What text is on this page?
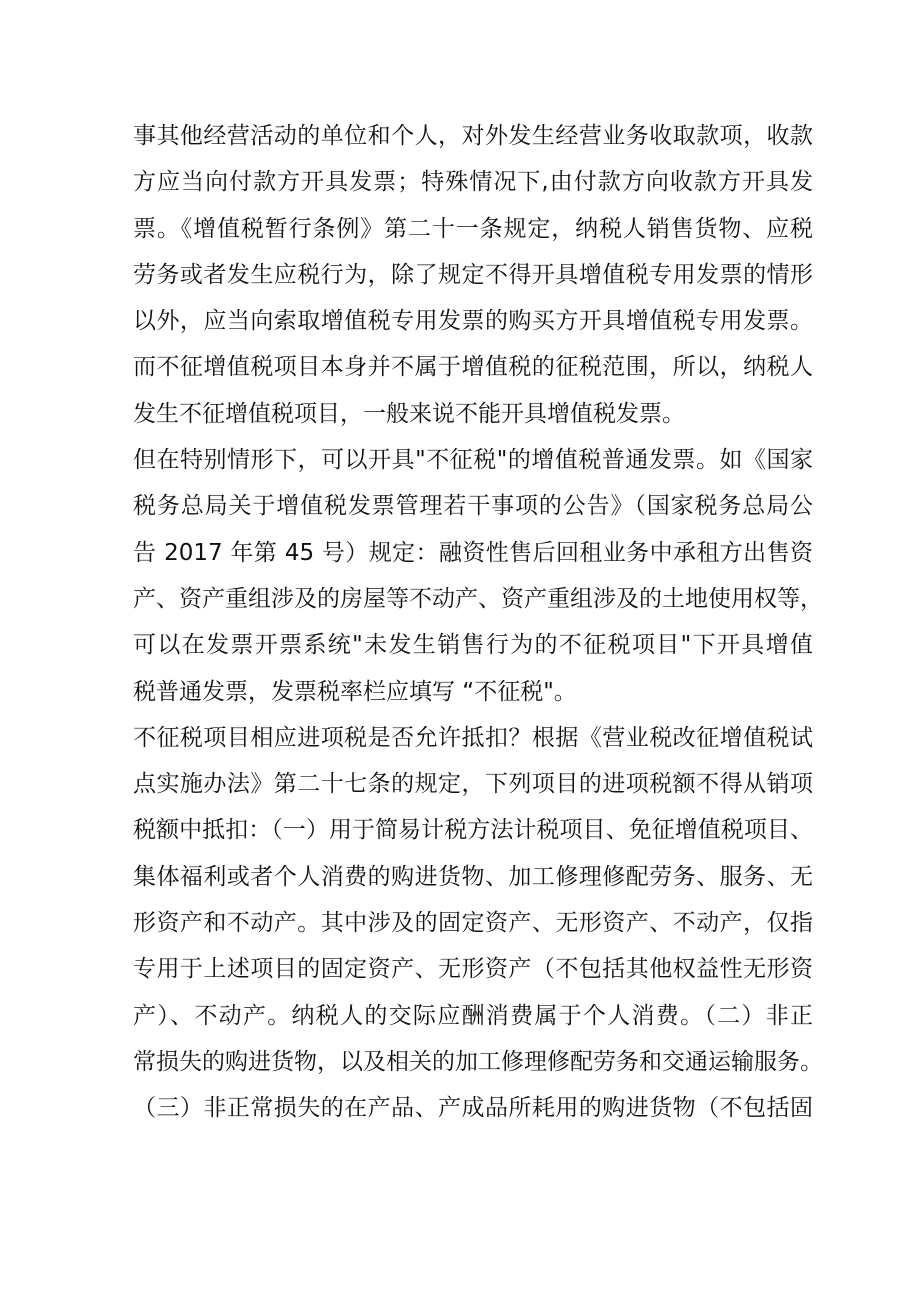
事其他经营活动的单位和个人，对外发生经营业务收取款项，收款
方应当向付款方开具发票；特殊情况下,由付款方向收款方开具发
票。《增值税暂行条例》第二十一条规定，纳税人销售货物、应税
劳务或者发生应税行为，除了规定不得开具增值税专用发票的情形
以外，应当向索取增值税专用发票的购买方开具增值税专用发票。
而不征增值税项目本身并不属于增值税的征税范围，所以，纳税人
发生不征增值税项目，一般来说不能开具增值税发票。
但在特别情形下，可以开具"不征税"的增值税普通发票。如《国家
税务总局关于增值税发票管理若干事项的公告》（国家税务总局公
告 2017 年第 45 号）规定：融资性售后回租业务中承租方出售资
产、资产重组涉及的房屋等不动产、资产重组涉及的土地使用权等，
可以在发票开票系统"未发生销售行为的不征税项目"下开具增值
税普通发票，发票税率栏应填写 “不征税"。
不征税项目相应进项税是否允许抵扣？根据《营业税改征增值税试
点实施办法》第二十七条的规定，下列项目的进项税额不得从销项
税额中抵扣：（一）用于简易计税方法计税项目、免征增值税项目、
集体福利或者个人消费的购进货物、加工修理修配劳务、服务、无
形资产和不动产。其中涉及的固定资产、无形资产、不动产，仅指
专用于上述项目的固定资产、无形资产（不包括其他权益性无形资
产）、不动产。纳税人的交际应酬消费属于个人消费。（二）非正
常损失的购进货物，以及相关的加工修理修配劳务和交通运输服务。
（三）非正常损失的在产品、产成品所耗用的购进货物（不包括固
